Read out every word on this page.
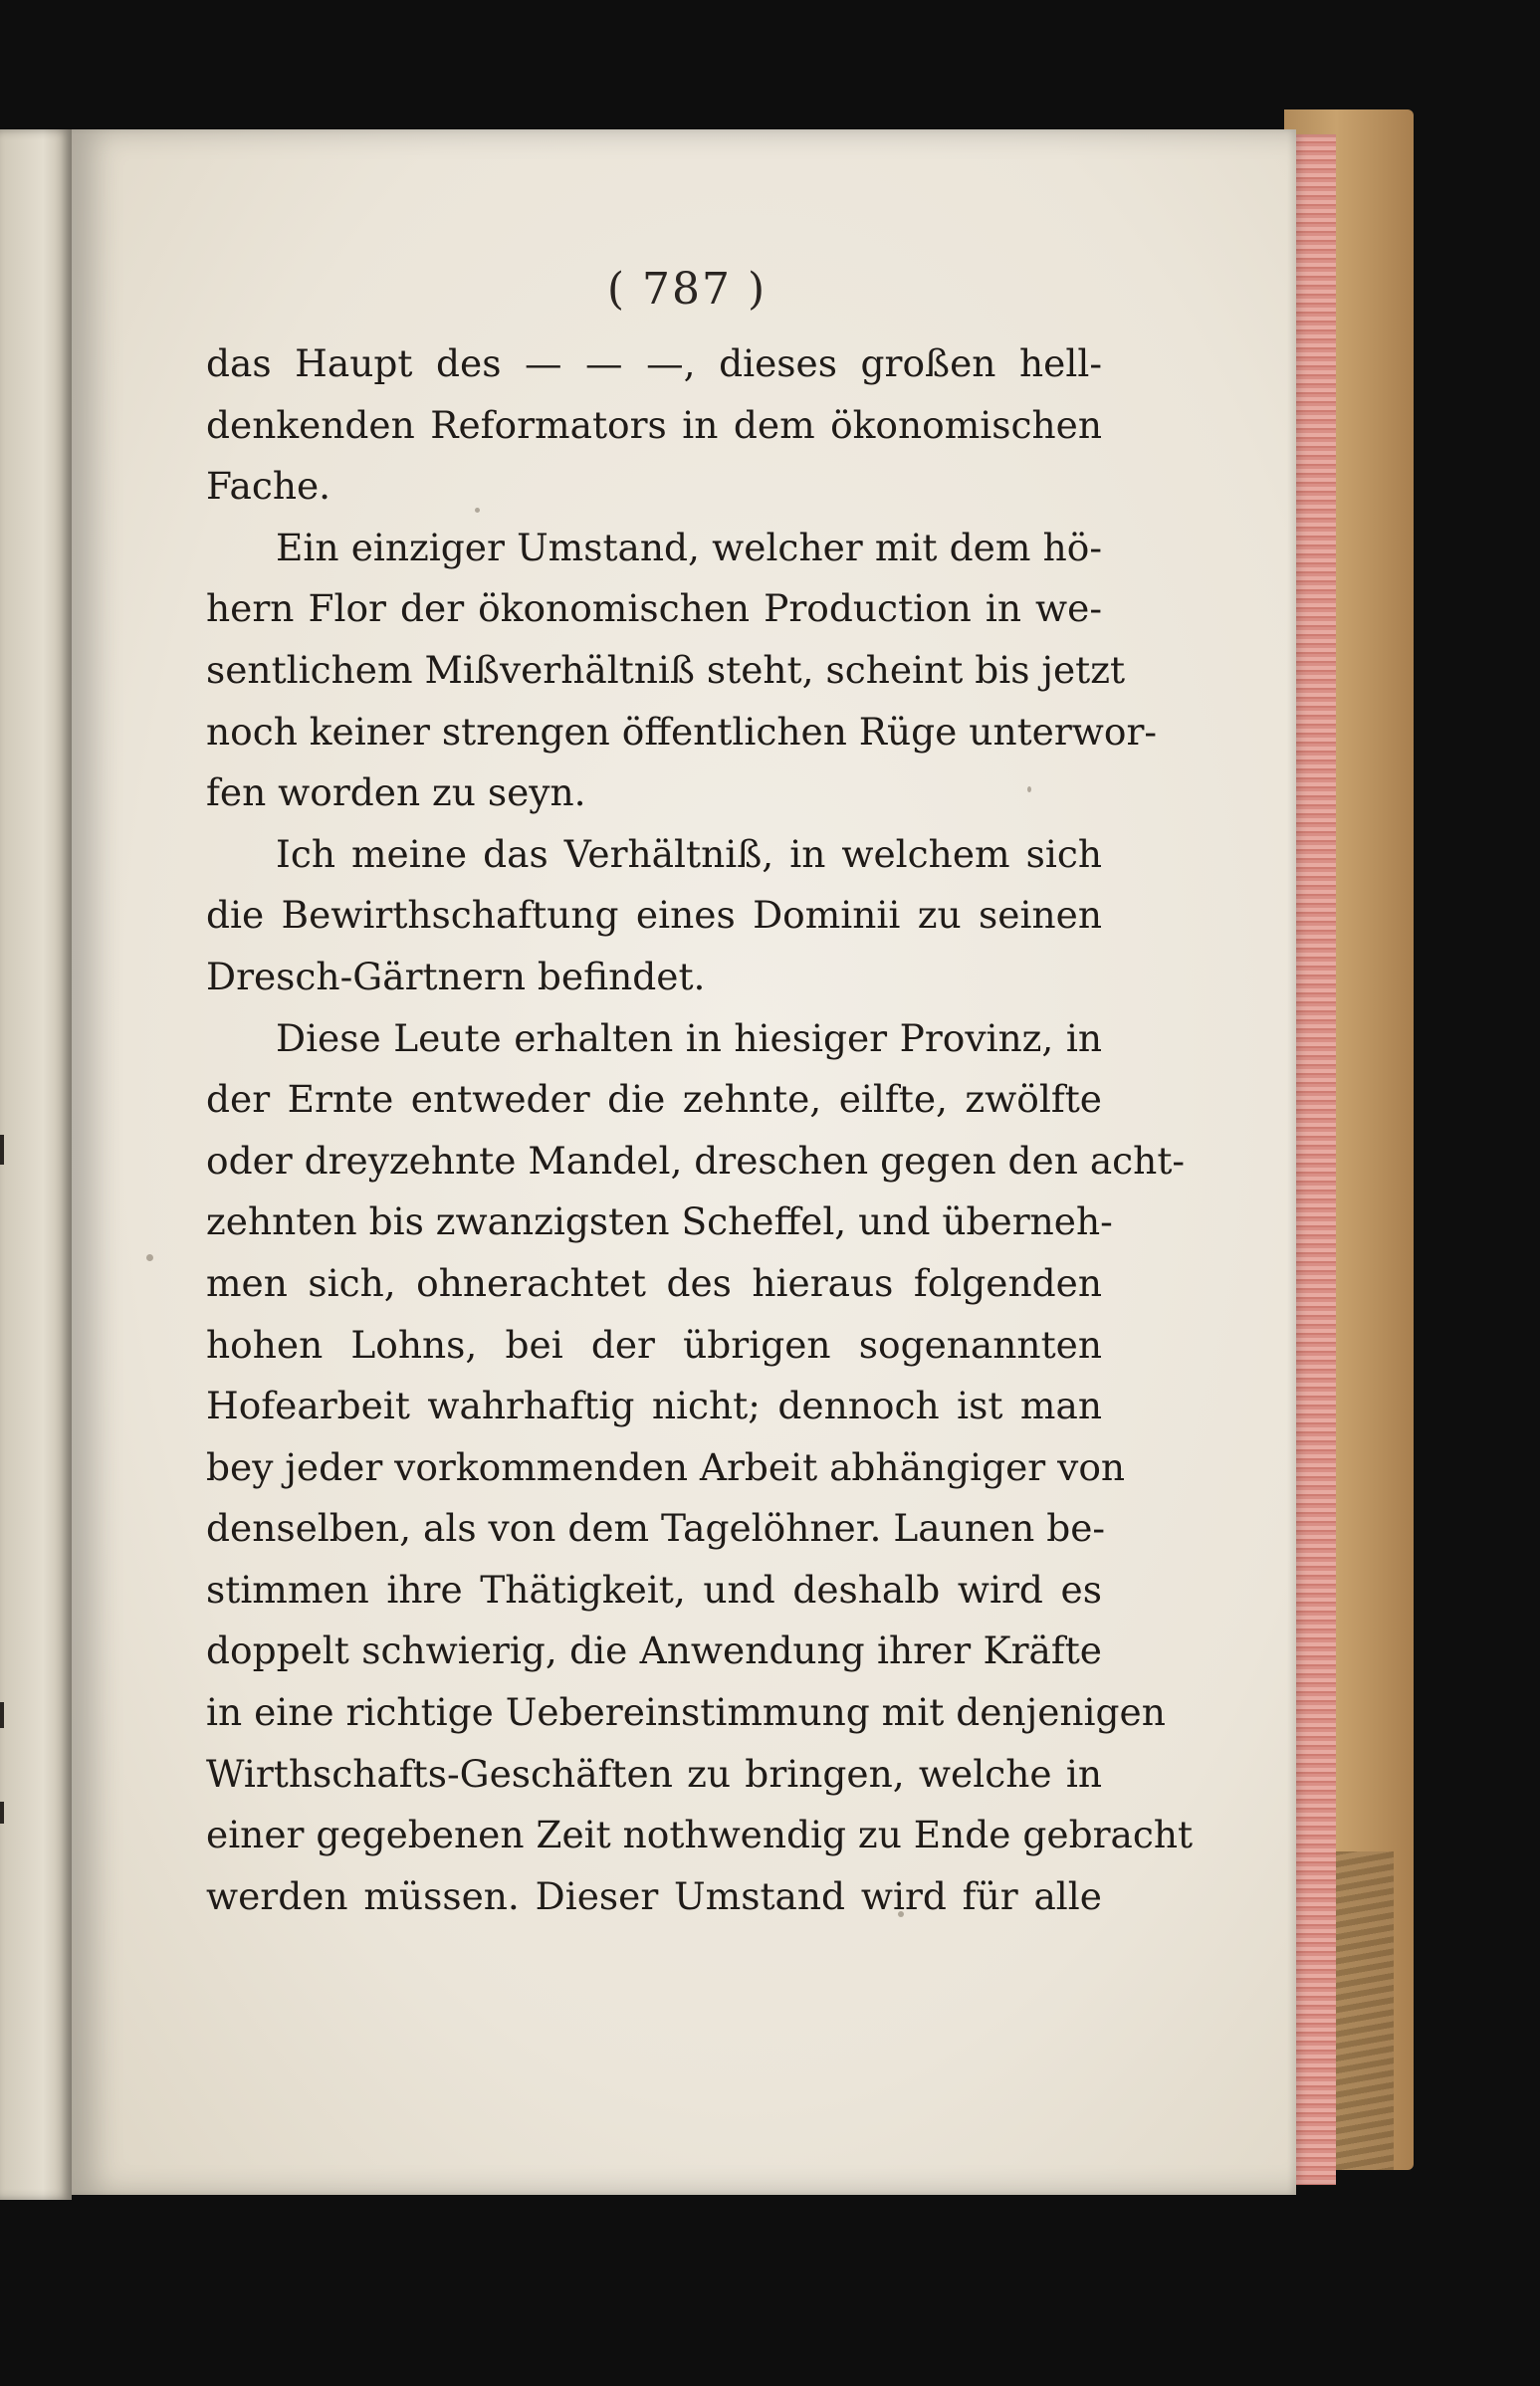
( 787 )
das Haupt des — — —, dieses großen hell-
denkenden Reformators in dem ökonomischen
Fache.
Ein einziger Umstand, welcher mit dem hö-
hern Flor der ökonomischen Production in we-
sentlichem Mißverhältniß steht, scheint bis jetzt
noch keiner strengen öffentlichen Rüge unterwor-
fen worden zu seyn.
Ich meine das Verhältniß, in welchem sich
die Bewirthschaftung eines Dominii zu seinen
Dresch-Gärtnern befindet.
Diese Leute erhalten in hiesiger Provinz, in
der Ernte entweder die zehnte, eilfte, zwölfte
oder dreyzehnte Mandel, dreschen gegen den acht-
zehnten bis zwanzigsten Scheffel, und überneh-
men sich, ohnerachtet des hieraus folgenden
hohen Lohns, bei der übrigen sogenannten
Hofearbeit wahrhaftig nicht; dennoch ist man
bey jeder vorkommenden Arbeit abhängiger von
denselben, als von dem Tagelöhner. Launen be-
stimmen ihre Thätigkeit, und deshalb wird es
doppelt schwierig, die Anwendung ihrer Kräfte
in eine richtige Uebereinstimmung mit denjenigen
Wirthschafts-Geschäften zu bringen, welche in
einer gegebenen Zeit nothwendig zu Ende gebracht
werden müssen. Dieser Umstand wird für alle
